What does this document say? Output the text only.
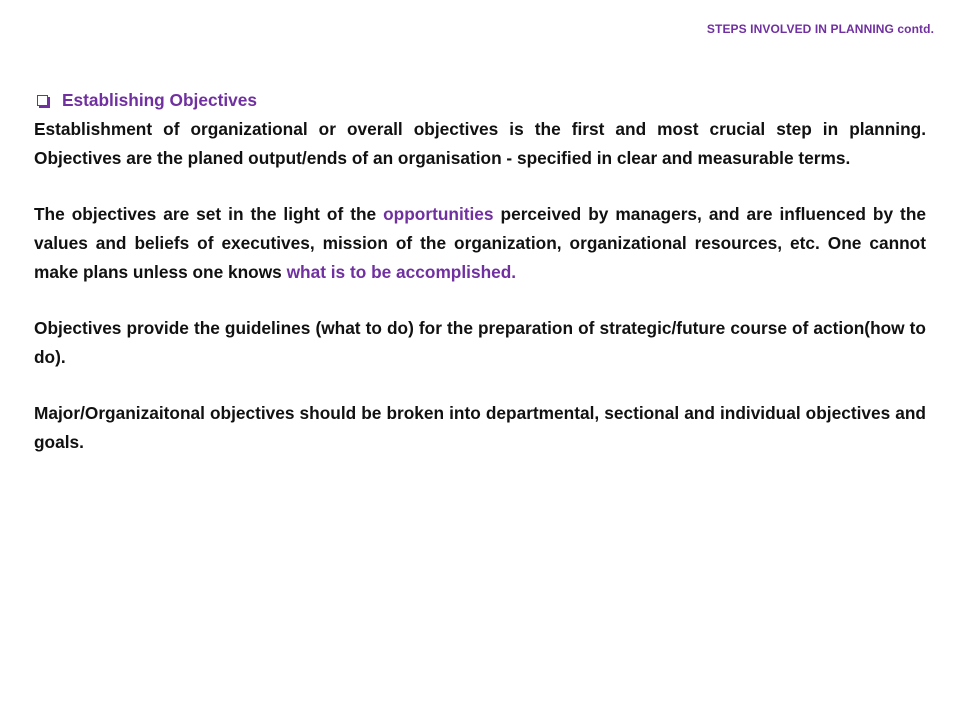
STEPS INVOLVED IN PLANNING contd.
Establishing Objectives

Establishment of organizational or overall objectives is the first and most crucial step in planning. Objectives are the planed output/ends of an organisation - specified in clear and measurable terms.

The objectives are set in the light of the opportunities perceived by managers, and are influenced by the values and beliefs of executives, mission of the organization, organizational resources, etc. One cannot make plans unless one knows what is to be accomplished.

Objectives provide the guidelines (what to do) for the preparation of strategic/future course of action(how to do).

Major/Organizaitonal objectives should be broken into departmental, sectional and individual objectives and goals.
